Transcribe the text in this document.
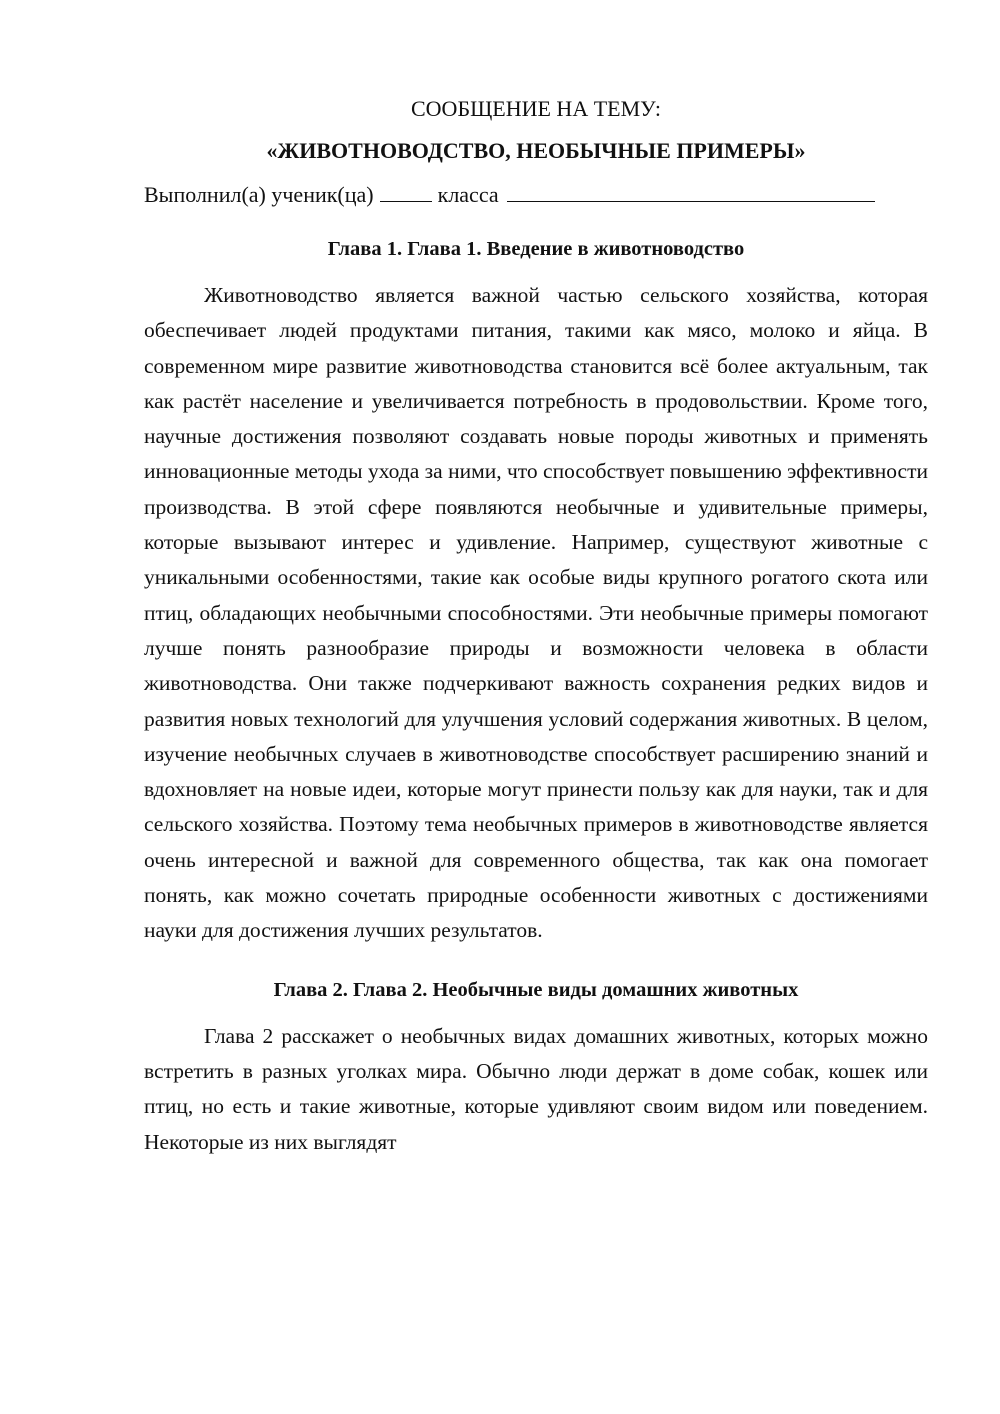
СООБЩЕНИЕ НА ТЕМУ:
«ЖИВОТНОВОДСТВО, НЕОБЫЧНЫЕ ПРИМЕРЫ»
Выполнил(а) ученик(ца)	класса
Глава 1. Глава 1. Введение в животноводство

Животноводство является важной частью сельского хозяйства, которая обеспечивает людей продуктами питания, такими как мясо, молоко и яйца. В современном мире развитие животноводства становится всё более актуальным, так как растёт население и увеличивается потребность в продовольствии. Кроме того, научные достижения позволяют создавать новые породы животных и применять инновационные методы ухода за ними, что способствует повышению эффективности производства. В этой сфере появляются необычные и удивительные примеры, которые вызывают интерес и удивление. Например, существуют животные с уникальными особенностями, такие как особые виды крупного рогатого скота или птиц, обладающих необычными способностями. Эти необычные примеры помогают лучше понять разнообразие природы и возможности человека в области животноводства. Они также подчеркивают важность сохранения редких видов и развития новых технологий для улучшения условий содержания животных. В целом, изучение необычных случаев в животноводстве способствует расширению знаний и вдохновляет на новые идеи, которые могут принести пользу как для науки, так и для сельского хозяйства. Поэтому тема необычных примеров в животноводстве является очень интересной и важной для современного общества, так как она помогает понять, как можно сочетать природные особенности животных с достижениями науки для достижения лучших результатов.

Глава 2. Глава 2. Необычные виды домашних животных

Глава 2 расскажет о необычных видах домашних животных, которых можно встретить в разных уголках мира. Обычно люди держат в доме собак, кошек или птиц, но есть и такие животные, которые удивляют своим видом или поведением. Некоторые из них выглядят
